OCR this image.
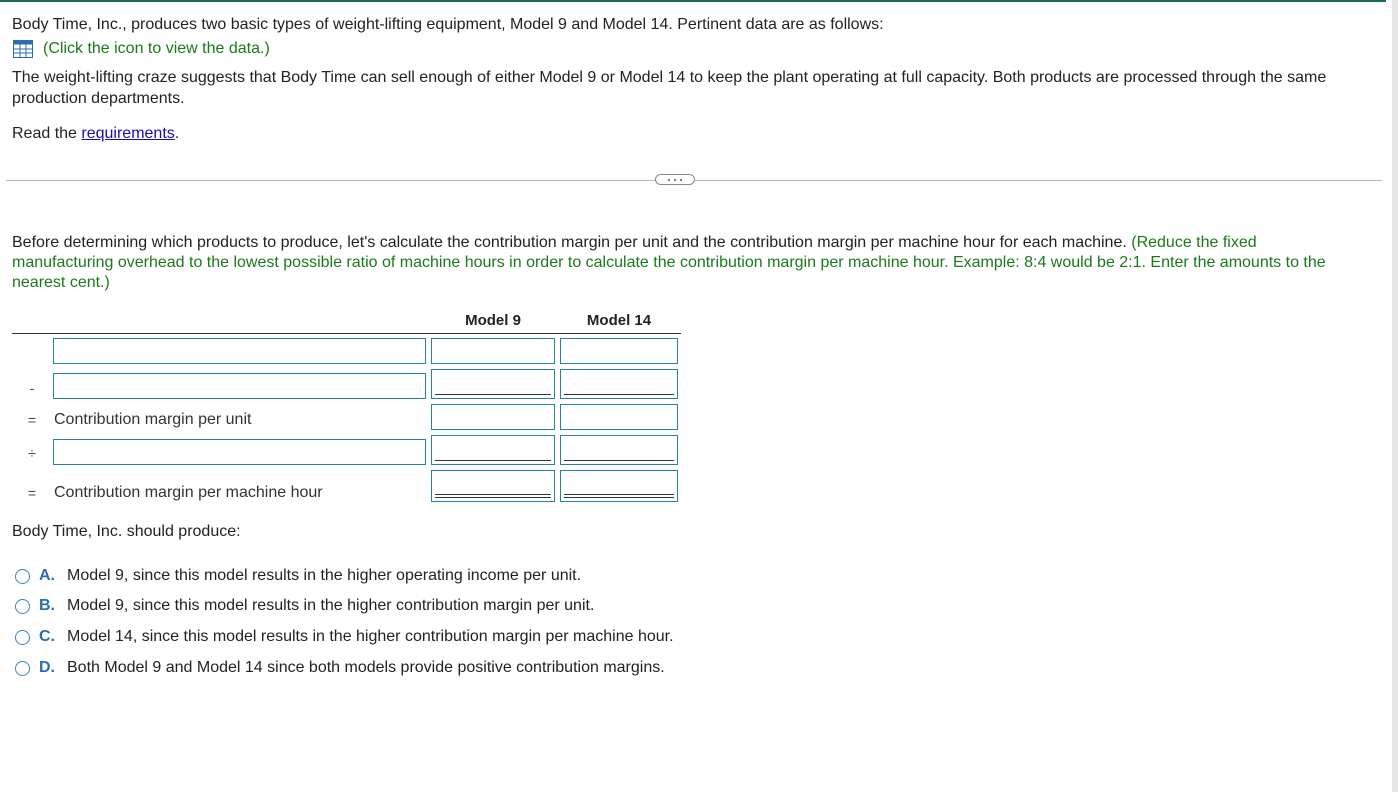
Body Time, Inc., produces two basic types of weight-lifting equipment, Model 9 and Model 14. Pertinent data are as follows:
(Click the icon to view the data.)
The weight-lifting craze suggests that Body Time can sell enough of either Model 9 or Model 14 to keep the plant operating at full capacity. Both products are processed through the same
production departments.
Read the requirements.
Before determining which products to produce, let's calculate the contribution margin per unit and the contribution margin per machine hour for each machine. (Reduce the fixed
manufacturing overhead to the lowest possible ratio of machine hours in order to calculate the contribution margin per machine hour. Example: 8:4 would be 2:1. Enter the amounts to the
nearest cent.)
Model 9	Model 14
-
= Contribution margin per unit
÷
= Contribution margin per machine hour
Body Time, Inc. should produce:
A. Model 9, since this model results in the higher operating income per unit.
B. Model 9, since this model results in the higher contribution margin per unit.
C. Model 14, since this model results in the higher contribution margin per machine hour.
D. Both Model 9 and Model 14 since both models provide positive contribution margins.
